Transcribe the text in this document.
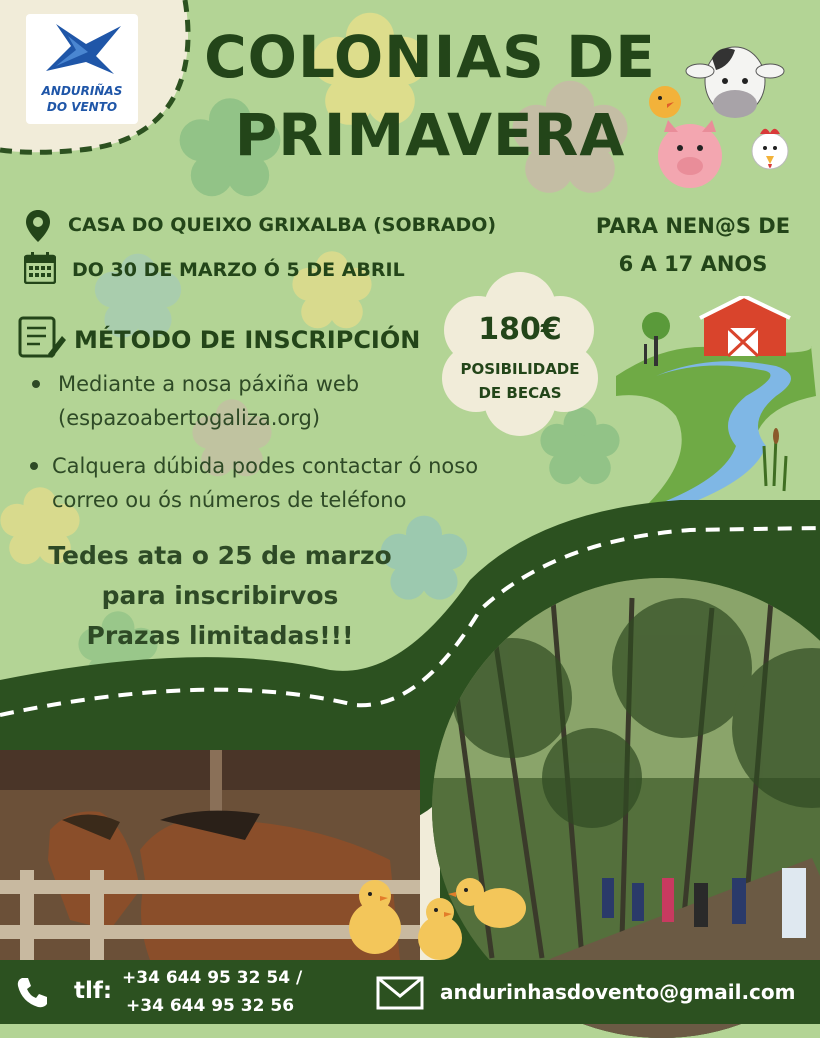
ANDURIÑAS
DO VENTO
COLONIAS DE
PRIMAVERA
CASA DO QUEIXO GRIXALBA (SOBRADO)
DO 30 DE MARZO Ó 5 DE ABRIL
PARA NEN@S DE
6 A 17 ANOS
180€
POSIBILIDADE
DE BECAS
MÉTODO DE INSCRIPCIÓN
Mediante a nosa páxiña web
(espazoabertogaliza.org)
Calquera dúbida podes contactar ó noso
correo ou ós números de teléfono
Tedes ata o 25 de marzo
para inscribirvos
Prazas limitadas!!!
tlf: +34 644 95 32 54 /
+34 644 95 32 56
andurinhasdovento@gmail.com
